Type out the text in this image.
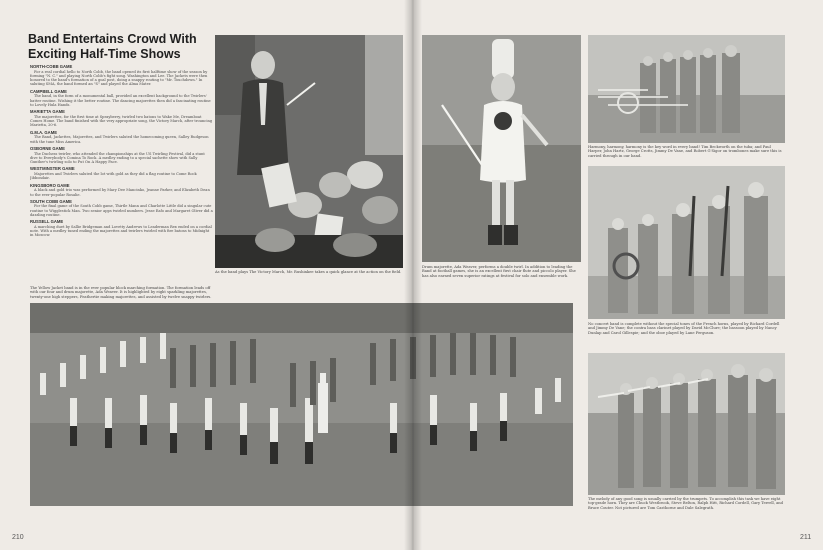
Band Entertains Crowd With Exciting Half-Time Shows
NORTH-COBB GAME

For a real cordial hello to North Cobb, the band opened its first halftime show of the season by forming "N. C." and playing North Cobb's fight song. Washington and Lee. The Jackets were then honored to the band's formation of a goal post, doing a snappy routing to "Mr. Touchdown." In saluting SMA, the band formed an "S" and played the Alma Mater.

CAMPBELL GAME

The band, in the form of a monumental ball, provided an excellent background to the Twirlers' batter routine. Wishing it the better routine. The dancing majorettes then did a fascinating routine to Lovely Hula Hands.

MARIETTA GAME

The majorettes, for the first time at Sprayberry, twirled two batons to Wake Me, Dreamboat Comes Home. The band finished with the very appropriate song, the Victory March, after trouncing Marietta, 20-6.

G.M.A. GAME

The Band, Jackettes, Majorettes, and Twirlers saluted the homecoming queen, Salley Rudgeson with the tune Miss America.

OSBORNE GAME

The Duchess twirler, who attended the championships at the US Twirling Festival, did a stunt dive to Everybody's Comina To Rock. A medley ending to a special sachette show with Sally Gunther's twirling solo to Put On A Happy Face.

WESTMINSTER GAME

Majorettes and Twirlers saluted the lot with gold as they did a flag routine to Come Rock Jibbondair.

KINGSBORO GAME

A black and gold trio was performed by Mary Dee Mancinko, Jeanne Parker, and Elizabeth Dean to the ever-popular Rosalie.

SOUTH COBB GAME

For the final game of the South Cobb game, Thirtle Mann and Charlotte Little did a singular cute routine to Wigglestick Man. Two senior apps twirled numbers. Jesse Eafo and Margaret Oliver did a dazzling routine.

RUSSELL GAME

A marching duet by Sallie Bridgeman and Lovetty Andrews to Leaderman Rex ended on a cordial note. With a medley tuned ending the majorettes and twirlers twirled with fire batons to Midnight in Moscow.

As the band plays The Victory March, Mr. Rushinkee takes a quick glance at the action on the field.
The Yellow Jacket band is in the ever popular block marching formation. The formation leads off with our four and drum majorette, Ada Weaver. It is highlighted by eight sparkling majorettes, twenty-one high steppers, Feathertie making majorettes, and assisted by twelve snappy twirlers.
210
Drum majorette, Ada Weaver, performs a double twirl. In addition to leading the Band at football games, she is an excellent first chair flute and piccolo player. She has also earned seven superior ratings at festival for solo and ensemble work.
Harmony, harmony, harmony is the key word in every band! Tim Beckworth on the tuba; and Paul Harper, John Hartz, George Crotts, Jimmy De Vane, and Robert G'Sigor on trombones make sure this is carried through in our band.
No concert band is complete without the special tones of the French horns, played by Richard Cordell and Jimmy De Vane; the contra bass clarinet played by David McClure; the bassoon played by Nancy Dunlap and Carol Gillespie; and the oboe played by Lane Ferguson.
The melody of any good song is usually carried by the trumpets. To accomplish this task we have eight top-grade horn. They are Chuck Westbrook, Steve Belton, Ralph Hitt, Richard Cordell, Gary Terrell, and Bruce Couter. Not pictured are Tom Casthorne and Dale Salegrath.
211
